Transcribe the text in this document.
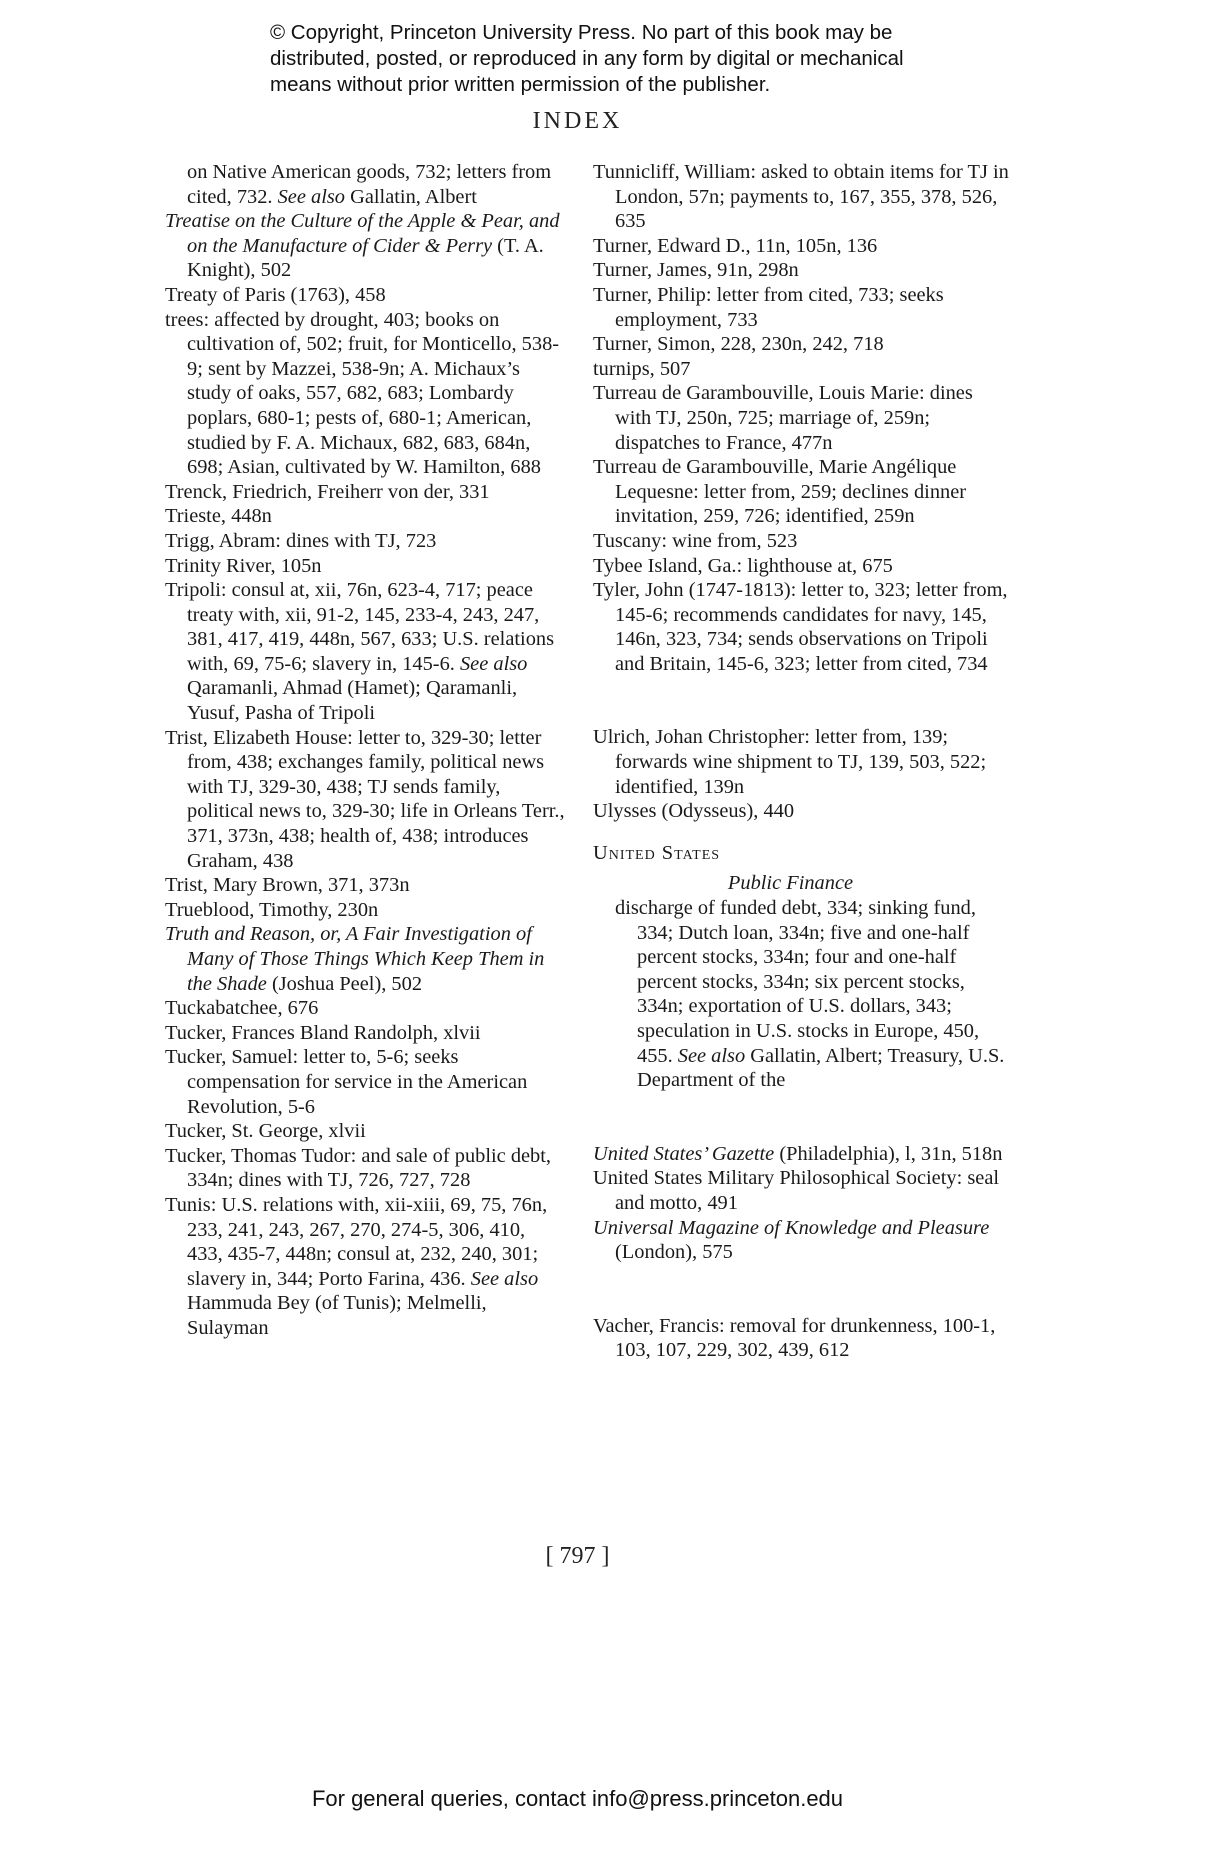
© Copyright, Princeton University Press. No part of this book may be distributed, posted, or reproduced in any form by digital or mechanical means without prior written permission of the publisher.
INDEX

on Native American goods, 732; letters from cited, 732. See also Gallatin, Albert

Treatise on the Culture of the Apple & Pear, and on the Manufacture of Cider & Perry (T. A. Knight), 502

Treaty of Paris (1763), 458

trees: affected by drought, 403; books on cultivation of, 502; fruit, for Monticello, 538-9; sent by Mazzei, 538-9n; A. Michaux’s study of oaks, 557, 682, 683; Lombardy poplars, 680-1; pests of, 680-1; American, studied by F. A. Michaux, 682, 683, 684n, 698; Asian, cultivated by W. Hamilton, 688

Trenck, Friedrich, Freiherr von der, 331

Trieste, 448n

Trigg, Abram: dines with TJ, 723

Trinity River, 105n

Tripoli: consul at, xii, 76n, 623-4, 717; peace treaty with, xii, 91-2, 145, 233-4, 243, 247, 381, 417, 419, 448n, 567, 633; U.S. relations with, 69, 75-6; slavery in, 145-6. See also Qaramanli, Ahmad (Hamet); Qaramanli, Yusuf, Pasha of Tripoli

Trist, Elizabeth House: letter to, 329-30; letter from, 438; exchanges family, political news with TJ, 329-30, 438; TJ sends family, political news to, 329-30; life in Orleans Terr., 371, 373n, 438; health of, 438; introduces Graham, 438

Trist, Mary Brown, 371, 373n

Trueblood, Timothy, 230n

Truth and Reason, or, A Fair Investigation of Many of Those Things Which Keep Them in the Shade (Joshua Peel), 502

Tuckabatchee, 676

Tucker, Frances Bland Randolph, xlvii

Tucker, Samuel: letter to, 5-6; seeks compensation for service in the American Revolution, 5-6

Tucker, St. George, xlvii

Tucker, Thomas Tudor: and sale of public debt, 334n; dines with TJ, 726, 727, 728

Tunis: U.S. relations with, xii-xiii, 69, 75, 76n, 233, 241, 243, 267, 270, 274-5, 306, 410, 433, 435-7, 448n; consul at, 232, 240, 301; slavery in, 344; Porto Farina, 436. See also Hammuda Bey (of Tunis); Melmelli, Sulayman

Tunnicliff, William: asked to obtain items for TJ in London, 57n; payments to, 167, 355, 378, 526, 635

Turner, Edward D., 11n, 105n, 136

Turner, James, 91n, 298n

Turner, Philip: letter from cited, 733; seeks employment, 733

Turner, Simon, 228, 230n, 242, 718

turnips, 507

Turreau de Garambouville, Louis Marie: dines with TJ, 250n, 725; marriage of, 259n; dispatches to France, 477n

Turreau de Garambouville, Marie Angélique Lequesne: letter from, 259; declines dinner invitation, 259, 726; identified, 259n

Tuscany: wine from, 523

Tybee Island, Ga.: lighthouse at, 675

Tyler, John (1747-1813): letter to, 323; letter from, 145-6; recommends candidates for navy, 145, 146n, 323, 734; sends observations on Tripoli and Britain, 145-6, 323; letter from cited, 734

Ulrich, Johan Christopher: letter from, 139; forwards wine shipment to TJ, 139, 503, 522; identified, 139n

Ulysses (Odysseus), 440

United States

Public Finance

discharge of funded debt, 334; sinking fund, 334; Dutch loan, 334n; five and one-half percent stocks, 334n; four and one-half percent stocks, 334n; six percent stocks, 334n; exportation of U.S. dollars, 343; speculation in U.S. stocks in Europe, 450, 455. See also Gallatin, Albert; Treasury, U.S. Department of the

United States’ Gazette (Philadelphia), l, 31n, 518n

United States Military Philosophical Society: seal and motto, 491

Universal Magazine of Knowledge and Pleasure (London), 575

Vacher, Francis: removal for drunkenness, 100-1, 103, 107, 229, 302, 439, 612

[ 797 ]
For general queries, contact info@press.princeton.edu
